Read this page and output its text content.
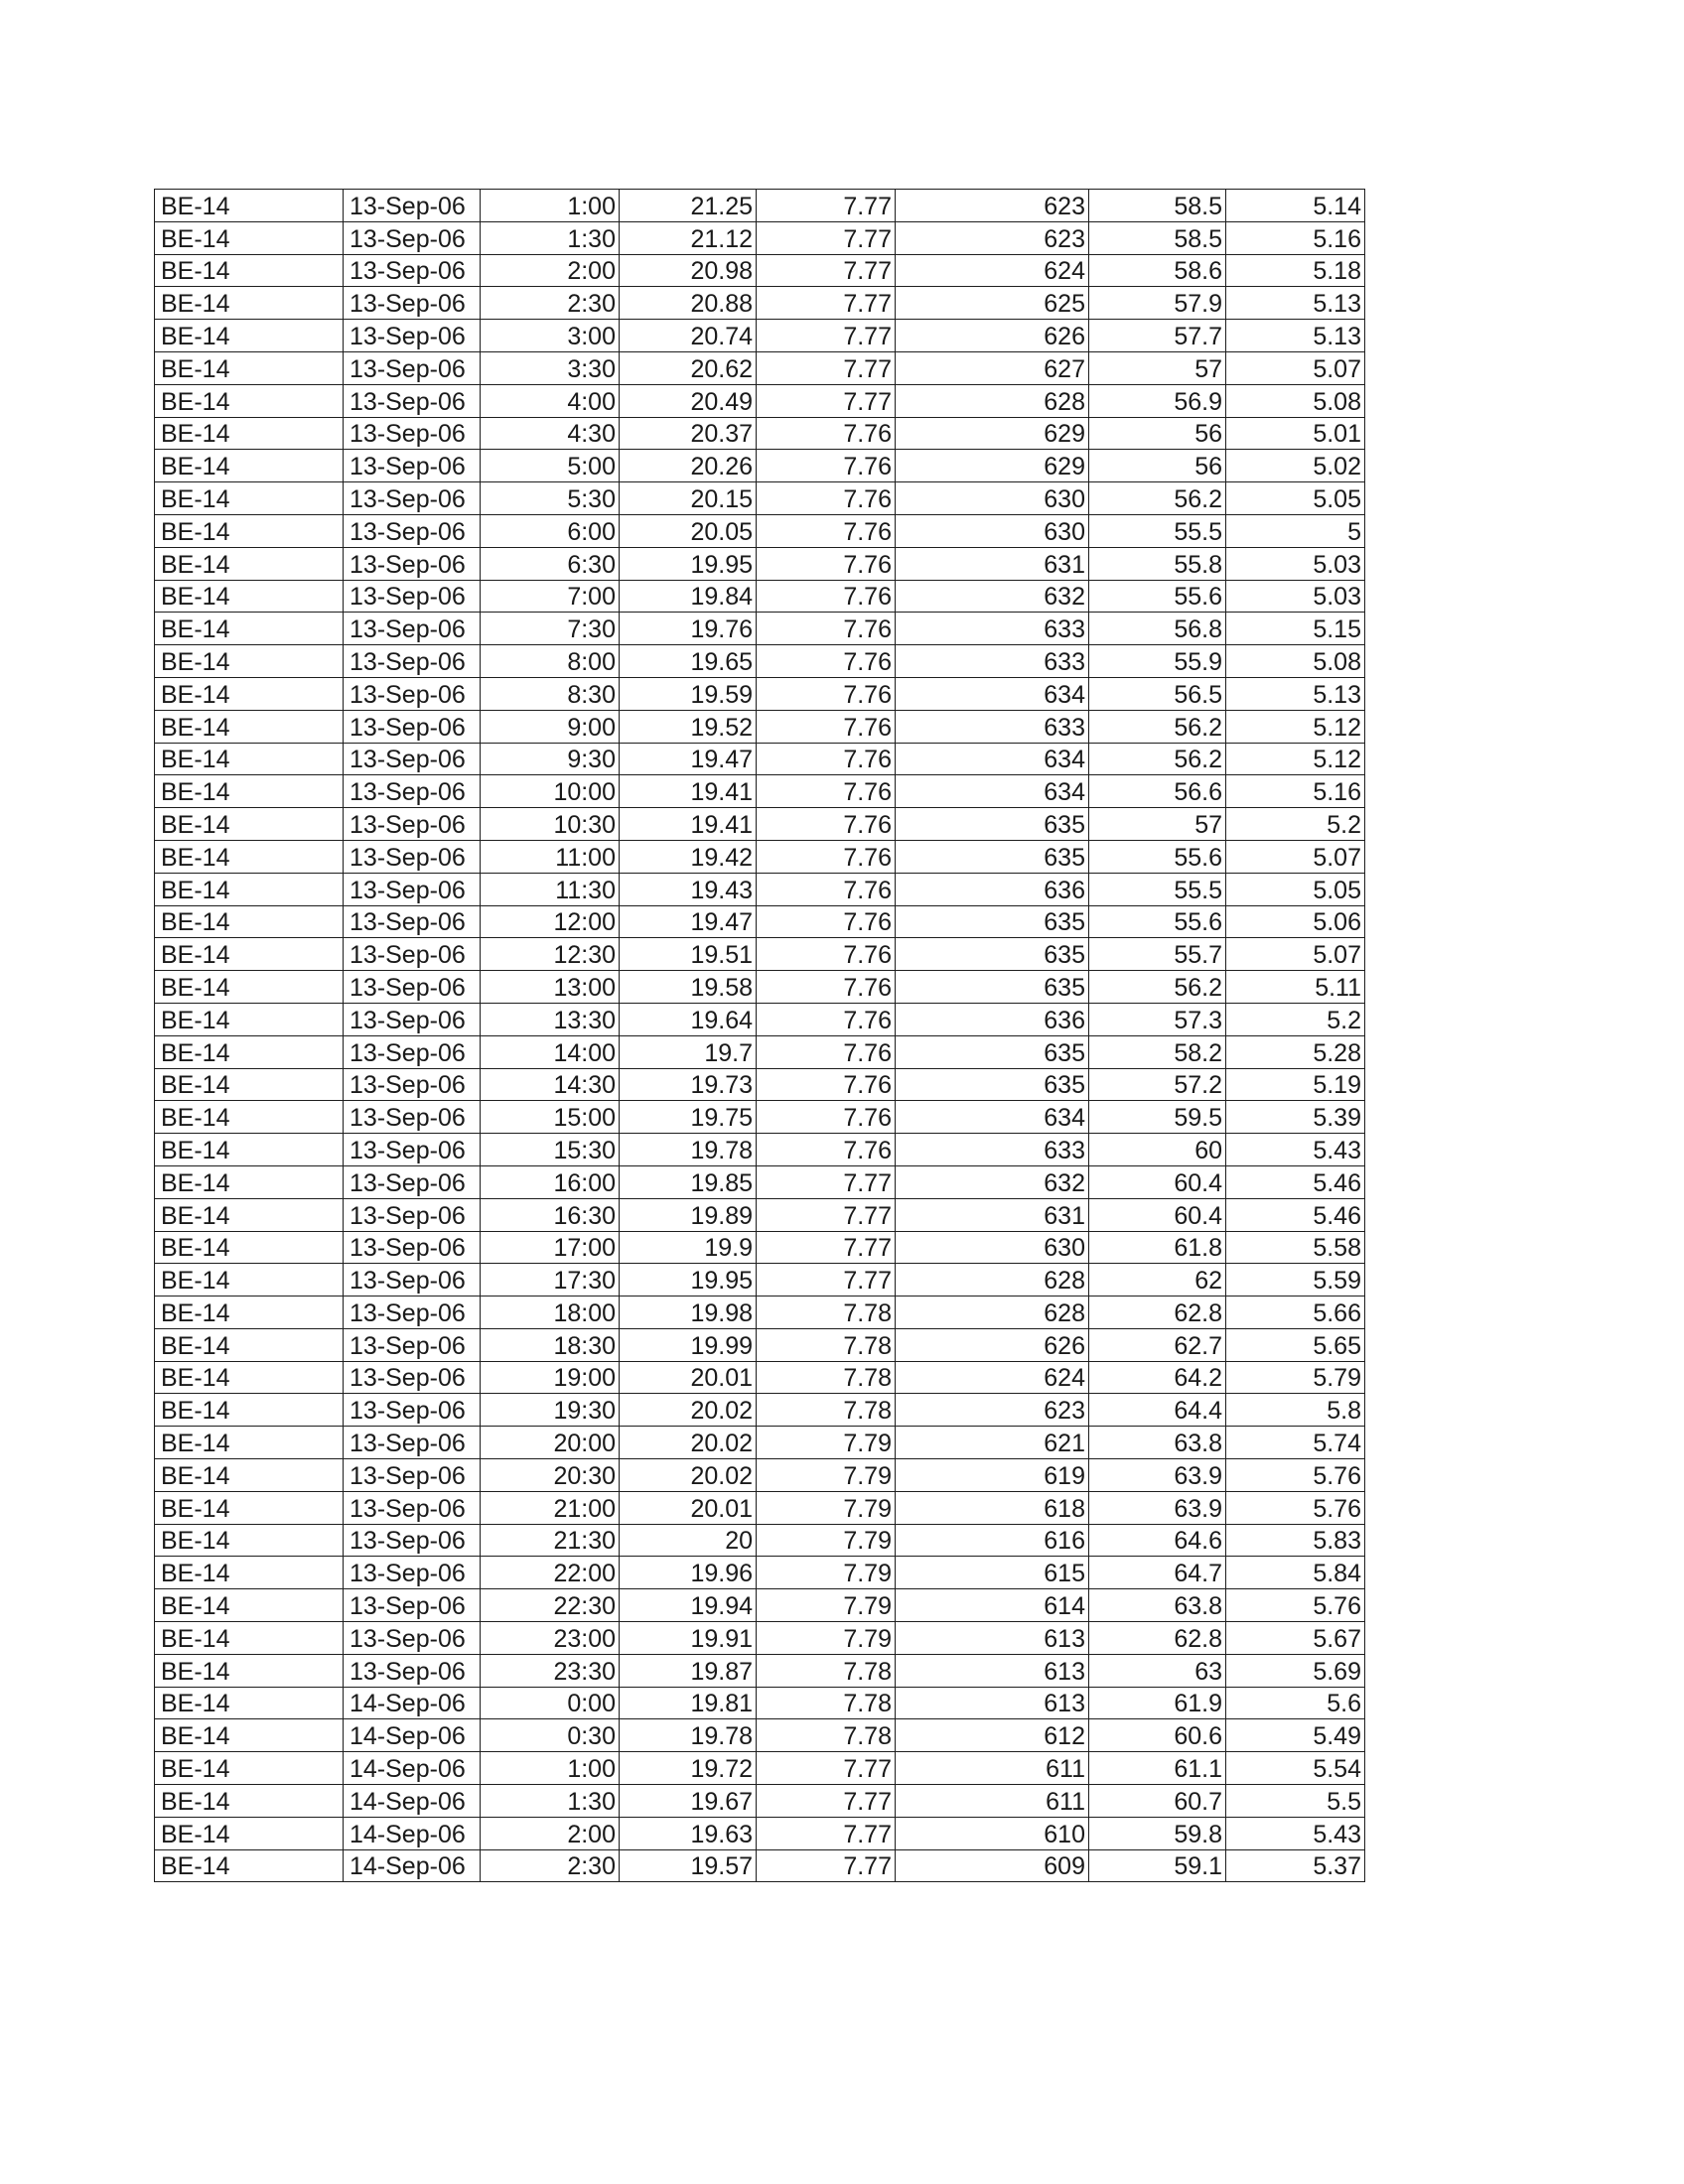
BE-14	13-Sep-06	1:00	21.25	7.77	623	58.5	5.14
BE-14	13-Sep-06	1:30	21.12	7.77	623	58.5	5.16
BE-14	13-Sep-06	2:00	20.98	7.77	624	58.6	5.18
BE-14	13-Sep-06	2:30	20.88	7.77	625	57.9	5.13
BE-14	13-Sep-06	3:00	20.74	7.77	626	57.7	5.13
BE-14	13-Sep-06	3:30	20.62	7.77	627	57	5.07
BE-14	13-Sep-06	4:00	20.49	7.77	628	56.9	5.08
BE-14	13-Sep-06	4:30	20.37	7.76	629	56	5.01
BE-14	13-Sep-06	5:00	20.26	7.76	629	56	5.02
BE-14	13-Sep-06	5:30	20.15	7.76	630	56.2	5.05
BE-14	13-Sep-06	6:00	20.05	7.76	630	55.5	5
BE-14	13-Sep-06	6:30	19.95	7.76	631	55.8	5.03
BE-14	13-Sep-06	7:00	19.84	7.76	632	55.6	5.03
BE-14	13-Sep-06	7:30	19.76	7.76	633	56.8	5.15
BE-14	13-Sep-06	8:00	19.65	7.76	633	55.9	5.08
BE-14	13-Sep-06	8:30	19.59	7.76	634	56.5	5.13
BE-14	13-Sep-06	9:00	19.52	7.76	633	56.2	5.12
BE-14	13-Sep-06	9:30	19.47	7.76	634	56.2	5.12
BE-14	13-Sep-06	10:00	19.41	7.76	634	56.6	5.16
BE-14	13-Sep-06	10:30	19.41	7.76	635	57	5.2
BE-14	13-Sep-06	11:00	19.42	7.76	635	55.6	5.07
BE-14	13-Sep-06	11:30	19.43	7.76	636	55.5	5.05
BE-14	13-Sep-06	12:00	19.47	7.76	635	55.6	5.06
BE-14	13-Sep-06	12:30	19.51	7.76	635	55.7	5.07
BE-14	13-Sep-06	13:00	19.58	7.76	635	56.2	5.11
BE-14	13-Sep-06	13:30	19.64	7.76	636	57.3	5.2
BE-14	13-Sep-06	14:00	19.7	7.76	635	58.2	5.28
BE-14	13-Sep-06	14:30	19.73	7.76	635	57.2	5.19
BE-14	13-Sep-06	15:00	19.75	7.76	634	59.5	5.39
BE-14	13-Sep-06	15:30	19.78	7.76	633	60	5.43
BE-14	13-Sep-06	16:00	19.85	7.77	632	60.4	5.46
BE-14	13-Sep-06	16:30	19.89	7.77	631	60.4	5.46
BE-14	13-Sep-06	17:00	19.9	7.77	630	61.8	5.58
BE-14	13-Sep-06	17:30	19.95	7.77	628	62	5.59
BE-14	13-Sep-06	18:00	19.98	7.78	628	62.8	5.66
BE-14	13-Sep-06	18:30	19.99	7.78	626	62.7	5.65
BE-14	13-Sep-06	19:00	20.01	7.78	624	64.2	5.79
BE-14	13-Sep-06	19:30	20.02	7.78	623	64.4	5.8
BE-14	13-Sep-06	20:00	20.02	7.79	621	63.8	5.74
BE-14	13-Sep-06	20:30	20.02	7.79	619	63.9	5.76
BE-14	13-Sep-06	21:00	20.01	7.79	618	63.9	5.76
BE-14	13-Sep-06	21:30	20	7.79	616	64.6	5.83
BE-14	13-Sep-06	22:00	19.96	7.79	615	64.7	5.84
BE-14	13-Sep-06	22:30	19.94	7.79	614	63.8	5.76
BE-14	13-Sep-06	23:00	19.91	7.79	613	62.8	5.67
BE-14	13-Sep-06	23:30	19.87	7.78	613	63	5.69
BE-14	14-Sep-06	0:00	19.81	7.78	613	61.9	5.6
BE-14	14-Sep-06	0:30	19.78	7.78	612	60.6	5.49
BE-14	14-Sep-06	1:00	19.72	7.77	611	61.1	5.54
BE-14	14-Sep-06	1:30	19.67	7.77	611	60.7	5.5
BE-14	14-Sep-06	2:00	19.63	7.77	610	59.8	5.43
BE-14	14-Sep-06	2:30	19.57	7.77	609	59.1	5.37
